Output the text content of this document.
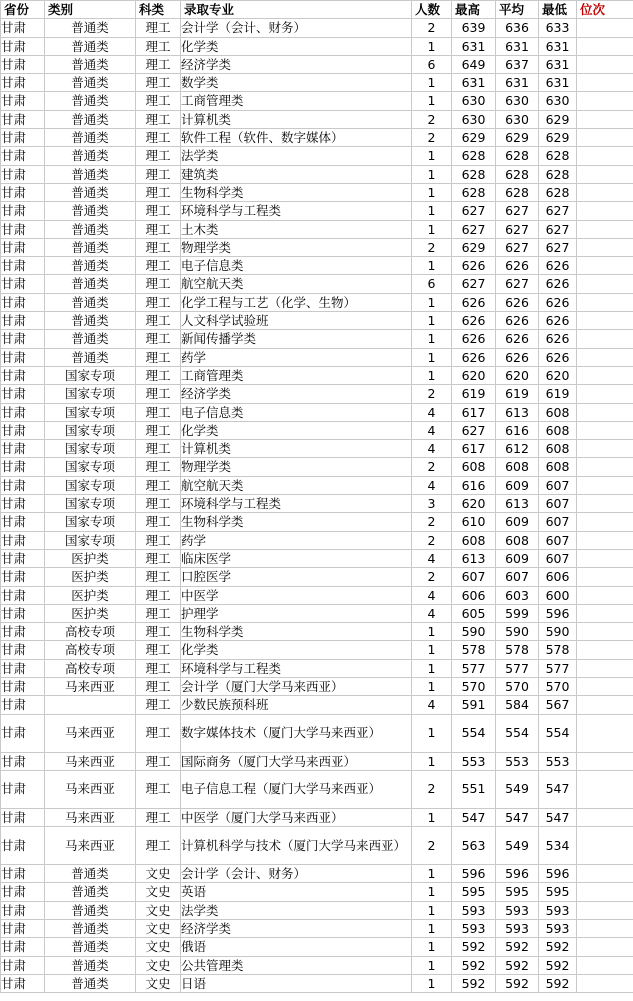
省份	类别	科类	录取专业	人数	最高	平均	最低	位次
甘肃	普通类	理工	会计学（会计、财务）	2	639	636	633	
甘肃	普通类	理工	化学类	1	631	631	631	
甘肃	普通类	理工	经济学类	6	649	637	631	
甘肃	普通类	理工	数学类	1	631	631	631	
甘肃	普通类	理工	工商管理类	1	630	630	630	
甘肃	普通类	理工	计算机类	2	630	630	629	
甘肃	普通类	理工	软件工程（软件、数字媒体）	2	629	629	629	
甘肃	普通类	理工	法学类	1	628	628	628	
甘肃	普通类	理工	建筑类	1	628	628	628	
甘肃	普通类	理工	生物科学类	1	628	628	628	
甘肃	普通类	理工	环境科学与工程类	1	627	627	627	
甘肃	普通类	理工	土木类	1	627	627	627	
甘肃	普通类	理工	物理学类	2	629	627	627	
甘肃	普通类	理工	电子信息类	1	626	626	626	
甘肃	普通类	理工	航空航天类	6	627	627	626	
甘肃	普通类	理工	化学工程与工艺（化学、生物）	1	626	626	626	
甘肃	普通类	理工	人文科学试验班	1	626	626	626	
甘肃	普通类	理工	新闻传播学类	1	626	626	626	
甘肃	普通类	理工	药学	1	626	626	626	
甘肃	国家专项	理工	工商管理类	1	620	620	620	
甘肃	国家专项	理工	经济学类	2	619	619	619	
甘肃	国家专项	理工	电子信息类	4	617	613	608	
甘肃	国家专项	理工	化学类	4	627	616	608	
甘肃	国家专项	理工	计算机类	4	617	612	608	
甘肃	国家专项	理工	物理学类	2	608	608	608	
甘肃	国家专项	理工	航空航天类	4	616	609	607	
甘肃	国家专项	理工	环境科学与工程类	3	620	613	607	
甘肃	国家专项	理工	生物科学类	2	610	609	607	
甘肃	国家专项	理工	药学	2	608	608	607	
甘肃	医护类	理工	临床医学	4	613	609	607	
甘肃	医护类	理工	口腔医学	2	607	607	606	
甘肃	医护类	理工	中医学	4	606	603	600	
甘肃	医护类	理工	护理学	4	605	599	596	
甘肃	高校专项	理工	生物科学类	1	590	590	590	
甘肃	高校专项	理工	化学类	1	578	578	578	
甘肃	高校专项	理工	环境科学与工程类	1	577	577	577	
甘肃	马来西亚	理工	会计学（厦门大学马来西亚）	1	570	570	570	
甘肃		理工	少数民族预科班	4	591	584	567	
甘肃	马来西亚	理工	数字媒体技术（厦门大学马来西亚）	1	554	554	554	
甘肃	马来西亚	理工	国际商务（厦门大学马来西亚）	1	553	553	553	
甘肃	马来西亚	理工	电子信息工程（厦门大学马来西亚）	2	551	549	547	
甘肃	马来西亚	理工	中医学（厦门大学马来西亚）	1	547	547	547	
甘肃	马来西亚	理工	计算机科学与技术（厦门大学马来西亚）	2	563	549	534	
甘肃	普通类	文史	会计学（会计、财务）	1	596	596	596	
甘肃	普通类	文史	英语	1	595	595	595	
甘肃	普通类	文史	法学类	1	593	593	593	
甘肃	普通类	文史	经济学类	1	593	593	593	
甘肃	普通类	文史	俄语	1	592	592	592	
甘肃	普通类	文史	公共管理类	1	592	592	592	
甘肃	普通类	文史	日语	1	592	592	592	
